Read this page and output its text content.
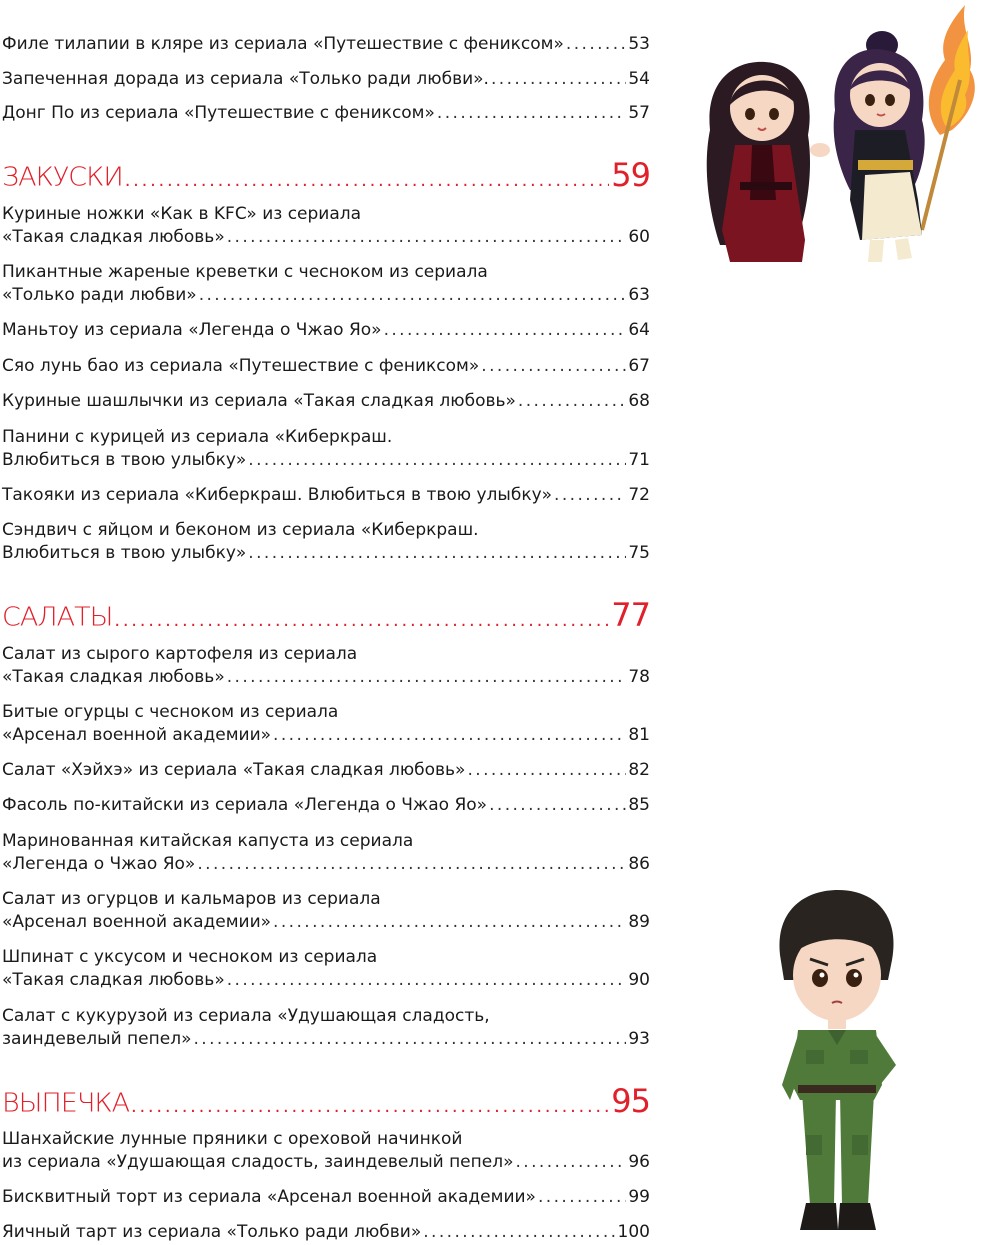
Филе тилапии в кляре из сериала «Путешествие с фениксом» . . .	53
Запеченная дорада из сериала «Только ради любви». . . .	54
Донг По из сериала «Путешествие с фениксом» . . .	57
ЗАКУСКИ . . .	59
Куриные ножки «Как в KFC» из сериала
«Такая сладкая любовь» . . .	60
Пикантные жареные креветки с чесноком из сериала
«Только ради любви» . . .	63
Маньтоу из сериала «Легенда о Чжао Яо» . . .	64
Сяо лунь бао из сериала «Путешествие с фениксом» . . .	67
Куриные шашлычки из сериала «Такая сладкая любовь» . . .	68
Панини с курицей из сериала «Киберкраш.
Влюбиться в твою улыбку» . . .	71
Такояки из сериала «Киберкраш. Влюбиться в твою улыбку» . . .	72
Сэндвич с яйцом и беконом из сериала «Киберкраш.
Влюбиться в твою улыбку» . . .	75
САЛАТЫ . . .	77
Салат из сырого картофеля из сериала
«Такая сладкая любовь» . . .	78
Битые огурцы с чесноком из сериала
«Арсенал военной академии» . . .	81
Салат «Хэйхэ» из сериала «Такая сладкая любовь» . . .	82
Фасоль по-китайски из сериала «Легенда о Чжао Яо» . . .	85
Маринованная китайская капуста из сериала
«Легенда о Чжао Яо» . . .	86
Салат из огурцов и кальмаров из сериала
«Арсенал военной академии» . . .	89
Шпинат с уксусом и чесноком из сериала
«Такая сладкая любовь» . . .	90
Салат с кукурузой из сериала «Удушающая сладость,
заиндевелый пепел» . . .	93
ВЫПЕЧКА . . .	95
Шанхайские лунные пряники с ореховой начинкой
из сериала «Удушающая сладость, заиндевелый пепел» . . .	96
Бисквитный торт из сериала «Арсенал военной академии» . . .	99
Яичный тарт из сериала «Только ради любви» . . .	100
